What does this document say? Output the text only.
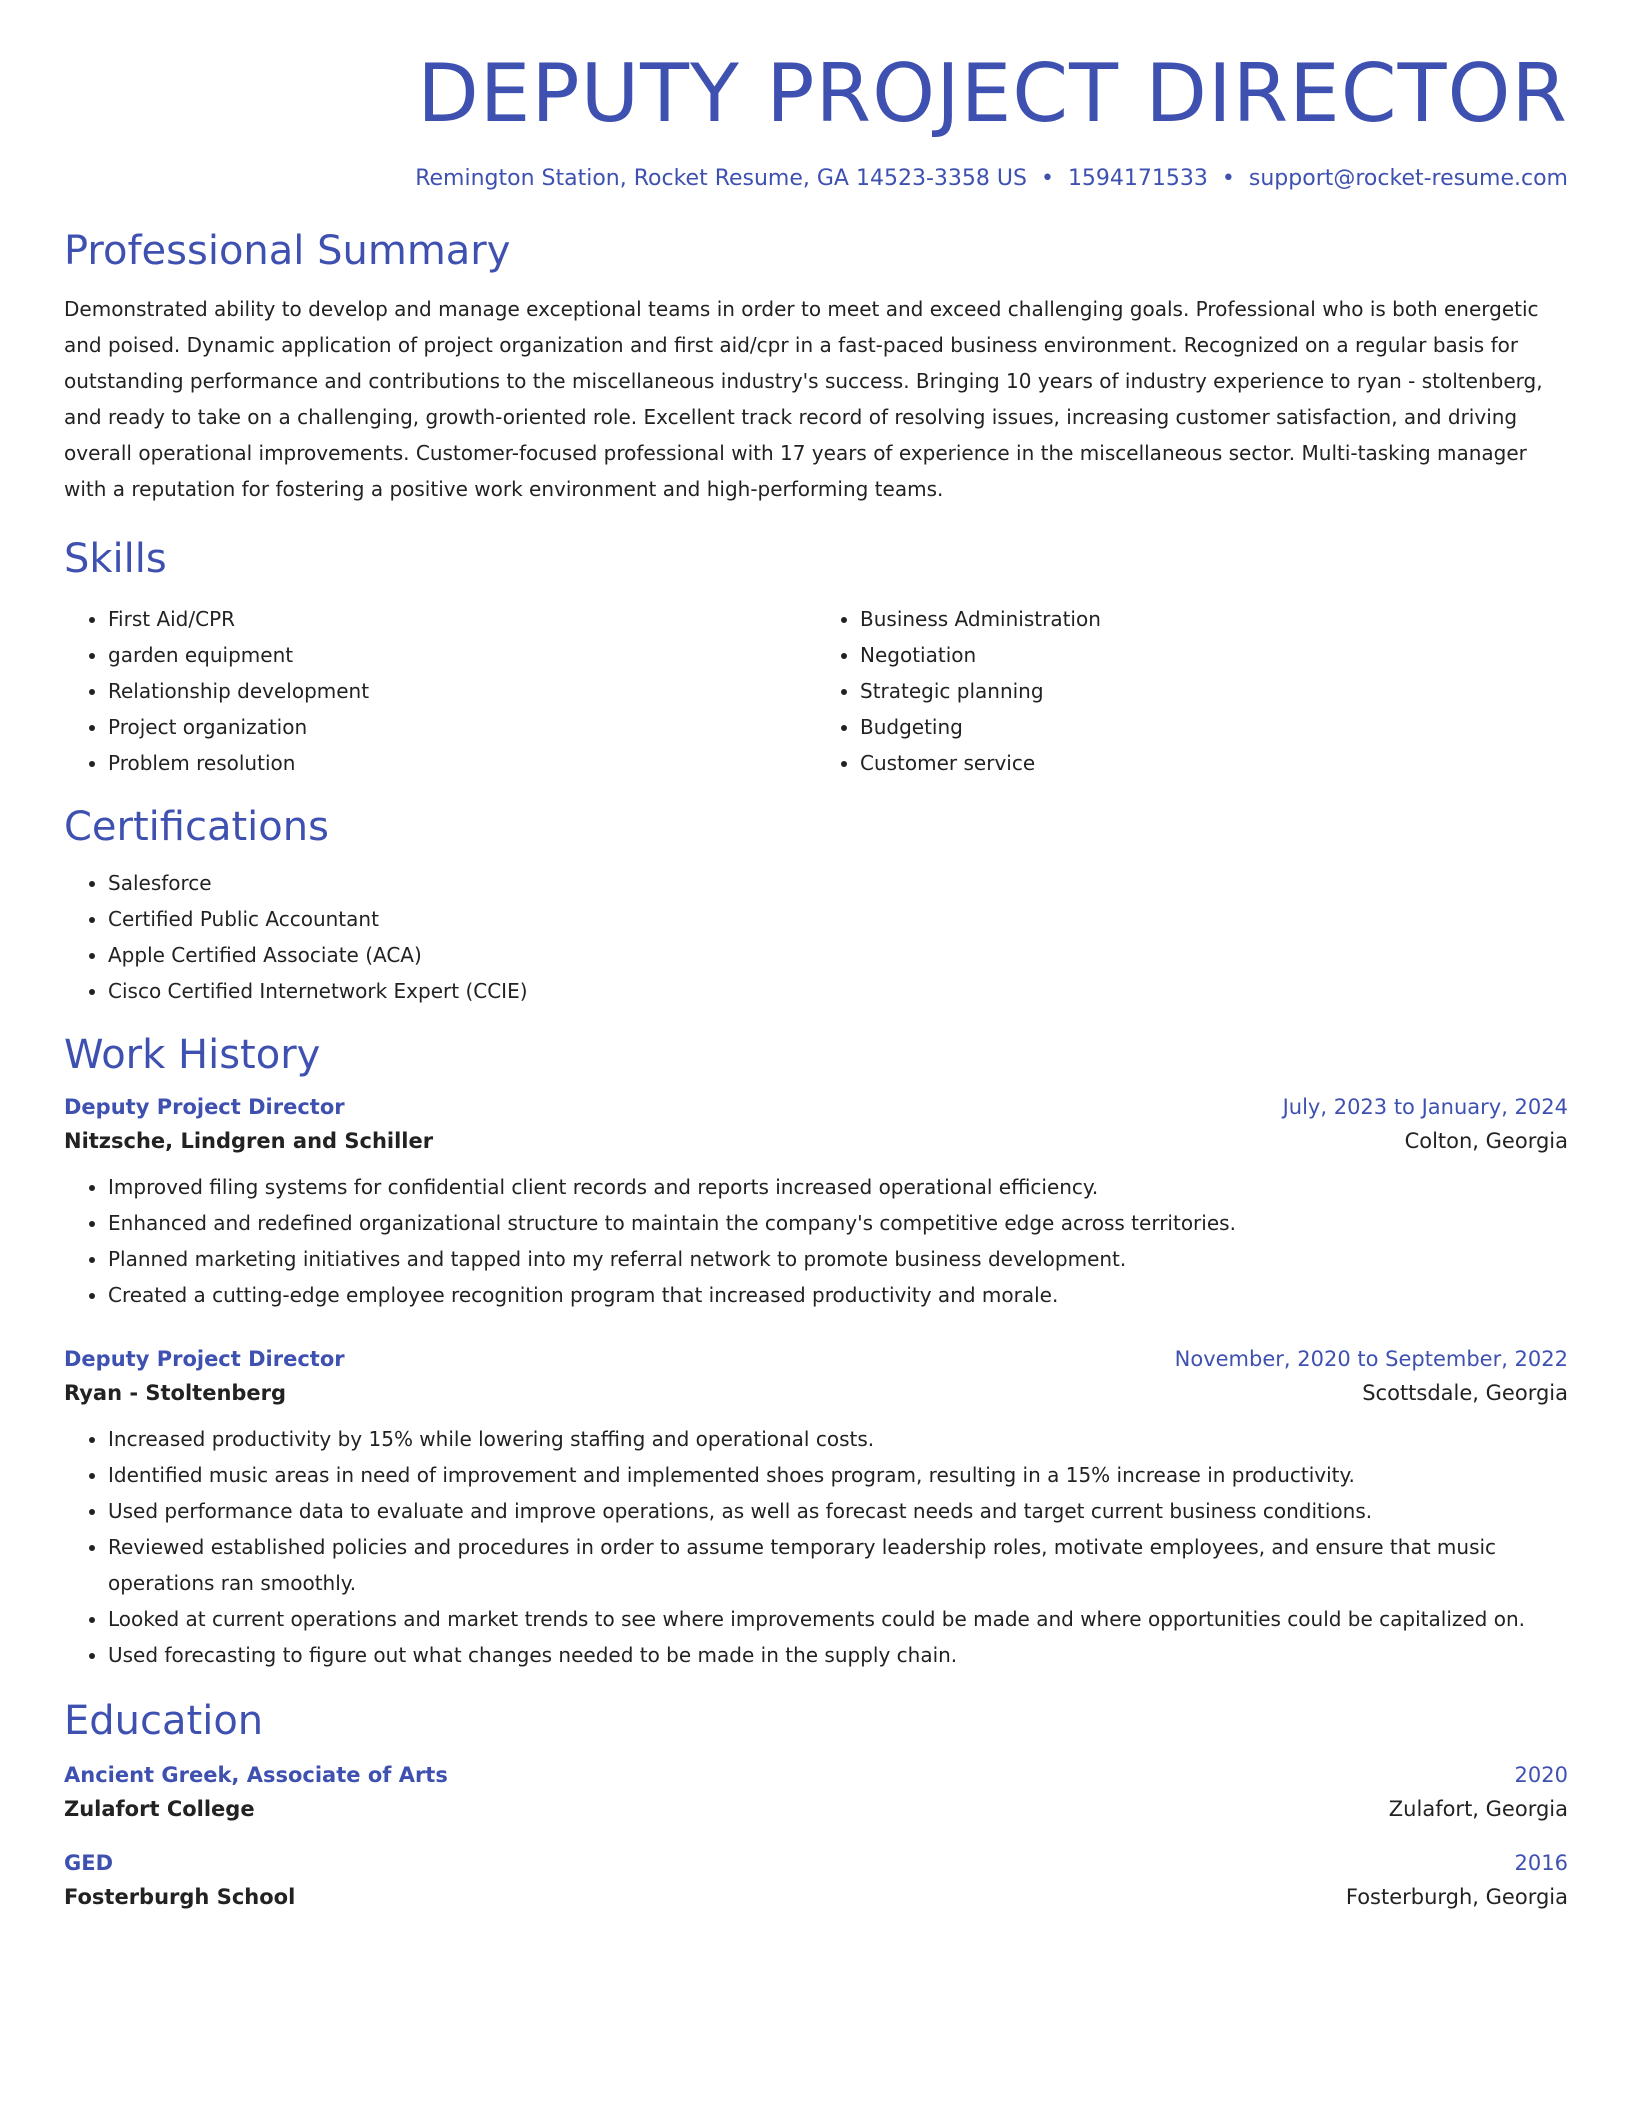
DEPUTY PROJECT DIRECTOR
Remington Station, Rocket Resume, GA 14523-3358 US • 1594171533 • support@rocket-resume.com
Professional Summary
Demonstrated ability to develop and manage exceptional teams in order to meet and exceed challenging goals. Professional who is both energetic and poised. Dynamic application of project organization and first aid/cpr in a fast-paced business environment. Recognized on a regular basis for outstanding performance and contributions to the miscellaneous industry's success. Bringing 10 years of industry experience to ryan - stoltenberg, and ready to take on a challenging, growth-oriented role. Excellent track record of resolving issues, increasing customer satisfaction, and driving overall operational improvements. Customer-focused professional with 17 years of experience in the miscellaneous sector. Multi-tasking manager with a reputation for fostering a positive work environment and high-performing teams.
Skills
• First Aid/CPR
• garden equipment
• Relationship development
• Project organization
• Problem resolution
• Business Administration
• Negotiation
• Strategic planning
• Budgeting
• Customer service
Certifications
• Salesforce
• Certified Public Accountant
• Apple Certified Associate (ACA)
• Cisco Certified Internetwork Expert (CCIE)
Work History
Deputy Project Director	July, 2023 to January, 2024
Nitzsche, Lindgren and Schiller	Colton, Georgia
• Improved filing systems for confidential client records and reports increased operational efficiency.
• Enhanced and redefined organizational structure to maintain the company's competitive edge across territories.
• Planned marketing initiatives and tapped into my referral network to promote business development.
• Created a cutting-edge employee recognition program that increased productivity and morale.
Deputy Project Director	November, 2020 to September, 2022
Ryan - Stoltenberg	Scottsdale, Georgia
• Increased productivity by 15% while lowering staffing and operational costs.
• Identified music areas in need of improvement and implemented shoes program, resulting in a 15% increase in productivity.
• Used performance data to evaluate and improve operations, as well as forecast needs and target current business conditions.
• Reviewed established policies and procedures in order to assume temporary leadership roles, motivate employees, and ensure that music operations ran smoothly.
• Looked at current operations and market trends to see where improvements could be made and where opportunities could be capitalized on.
• Used forecasting to figure out what changes needed to be made in the supply chain.
Education
Ancient Greek, Associate of Arts	2020
Zulafort College	Zulafort, Georgia
GED	2016
Fosterburgh School	Fosterburgh, Georgia
